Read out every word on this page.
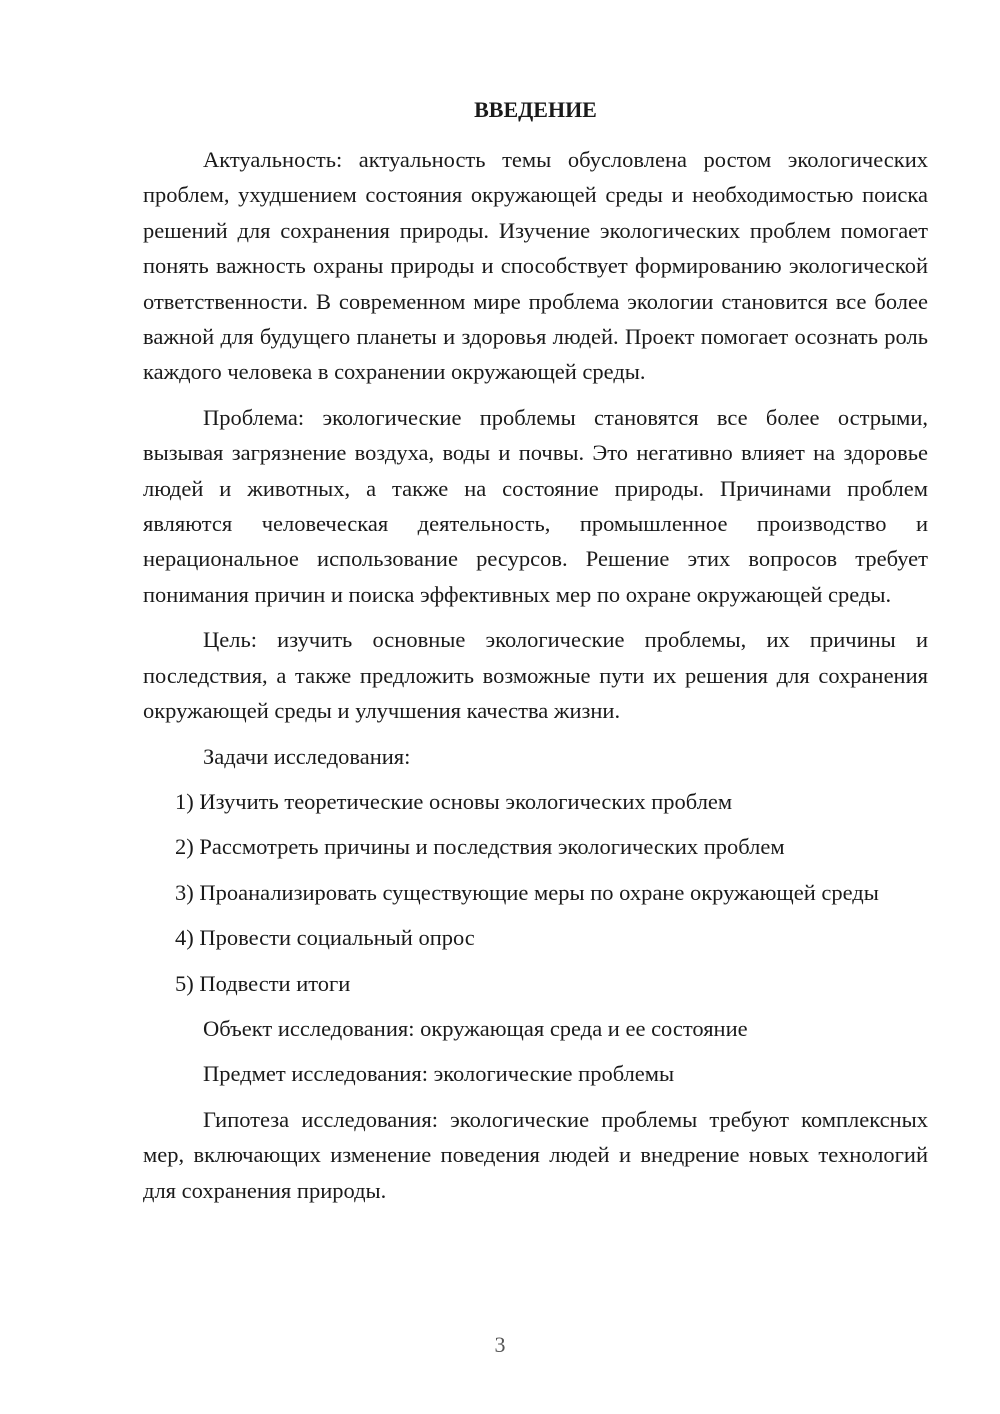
ВВЕДЕНИЕ

Актуальность: актуальность темы обусловлена ростом экологических проблем, ухудшением состояния окружающей среды и необходимостью поиска решений для сохранения природы. Изучение экологических проблем помогает понять важность охраны природы и способствует формированию экологической ответственности. В современном мире проблема экологии становится все более важной для будущего планеты и здоровья людей. Проект помогает осознать роль каждого человека в сохранении окружающей среды.

Проблема: экологические проблемы становятся все более острыми, вызывая загрязнение воздуха, воды и почвы. Это негативно влияет на здоровье людей и животных, а также на состояние природы. Причинами проблем являются человеческая деятельность, промышленное производство и нерациональное использование ресурсов. Решение этих вопросов требует понимания причин и поиска эффективных мер по охране окружающей среды.

Цель: изучить основные экологические проблемы, их причины и последствия, а также предложить возможные пути их решения для сохранения окружающей среды и улучшения качества жизни.

Задачи исследования:

1) Изучить теоретические основы экологических проблем

2) Рассмотреть причины и последствия экологических проблем

3) Проанализировать существующие меры по охране окружающей среды

4) Провести социальный опрос

5) Подвести итоги

Объект исследования: окружающая среда и ее состояние

Предмет исследования: экологические проблемы

Гипотеза исследования: экологические проблемы требуют комплексных мер, включающих изменение поведения людей и внедрение новых технологий для сохранения природы.

3
